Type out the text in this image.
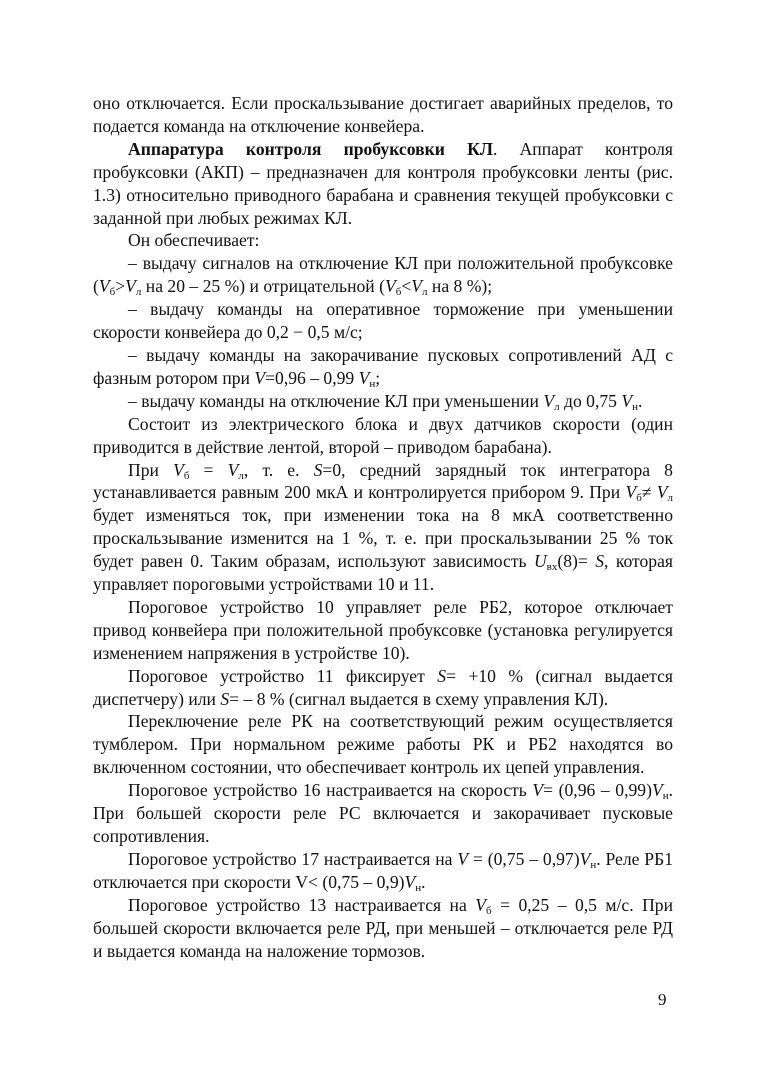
оно отключается. Если проскальзывание достигает аварийных пределов, то подается команда на отключение конвейера.

Аппаратура контроля пробуксовки КЛ. Аппарат контроля пробуксовки (АКП) – предназначен для контроля пробуксовки ленты (рис. 1.3) относительно приводного барабана и сравнения текущей пробуксовки с заданной при любых режимах КЛ.

Он обеспечивает:

– выдачу сигналов на отключение КЛ при положительной пробуксовке ($V_б>V_л$ на 20 – 25 %) и отрицательной ($V_б<V_л$ на 8 %);

– выдачу команды на оперативное торможение при уменьшении скорости конвейера до 0,2 − 0,5 м/с;

– выдачу команды на закорачивание пусковых сопротивлений АД с фазным ротором при V=0,96 – 0,99 $V_н$;

– выдачу команды на отключение КЛ при уменьшении $V_л$ до 0,75 $V_н$.

Состоит из электрического блока и двух датчиков скорости (один приводится в действие лентой, второй – приводом барабана).

При $V_б = V_л$, т. е. S=0, средний зарядный ток интегратора 8 устанавливается равным 200 мкА и контролируется прибором 9. При $V_б\ne V_л$ будет изменяться ток, при изменении тока на 8 мкА соответственно проскальзывание изменится на 1 %, т. е. при проскальзывании 25 % ток будет равен 0. Таким образам, используют зависимость $U_{вх}(8)= S$, которая управляет пороговыми устройствами 10 и 11.

Пороговое устройство 10 управляет реле РБ2, которое отключает привод конвейера при положительной пробуксовке (установка регулируется изменением напряжения в устройстве 10).

Пороговое устройство 11 фиксирует S= +10 % (сигнал выдается диспетчеру) или S= – 8 % (сигнал выдается в схему управления КЛ).

Переключение реле РК на соответствующий режим осуществляется тумблером. При нормальном режиме работы РК и РБ2 находятся во включенном состоянии, что обеспечивает контроль их цепей управления.

Пороговое устройство 16 настраивается на скорость $V= (0,96 - 0,99)V_н$. При большей скорости реле РС включается и закорачивает пусковые сопротивления.

Пороговое устройство 17 настраивается на $V = (0,75 - 0,97)V_н$. Реле РБ1 отключается при скорости $V< (0,75 - 0,9)V_н$.

Пороговое устройство 13 настраивается на $V_б = 0,25 - 0,5$ м/с. При большей скорости включается реле РД, при меньшей – отключается реле РД и выдается команда на наложение тормозов.

9
